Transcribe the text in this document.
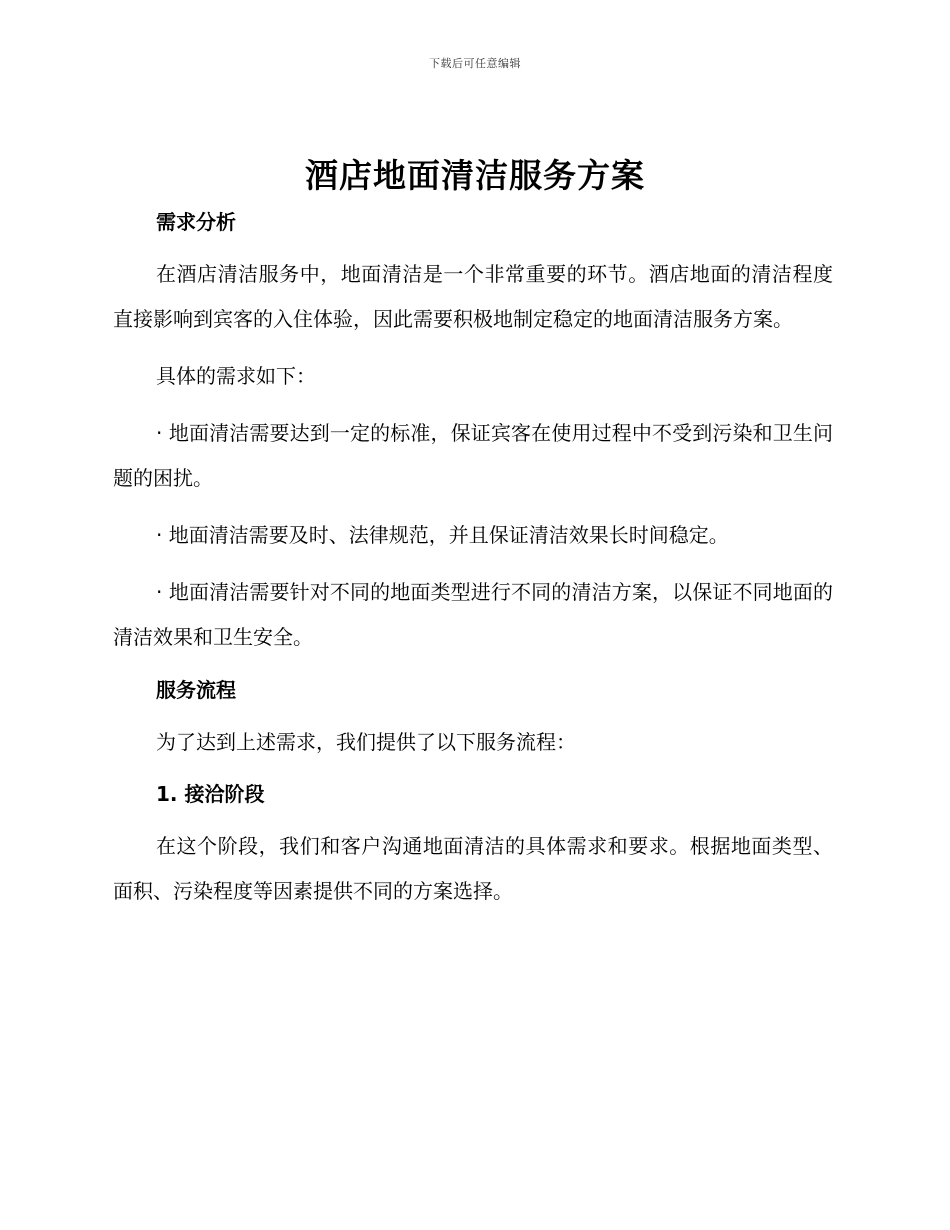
下载后可任意编辑
酒店地面清洁服务方案
需求分析

在酒店清洁服务中，地面清洁是一个非常重要的环节。酒店地面的清洁程度直接影响到宾客的入住体验，因此需要积极地制定稳定的地面清洁服务方案。

具体的需求如下：

· 地面清洁需要达到一定的标准，保证宾客在使用过程中不受到污染和卫生问题的困扰。

· 地面清洁需要及时、法律规范，并且保证清洁效果长时间稳定。

· 地面清洁需要针对不同的地面类型进行不同的清洁方案，以保证不同地面的清洁效果和卫生安全。

服务流程

为了达到上述需求，我们提供了以下服务流程：

1. 接洽阶段

在这个阶段，我们和客户沟通地面清洁的具体需求和要求。根据地面类型、面积、污染程度等因素提供不同的方案选择。
